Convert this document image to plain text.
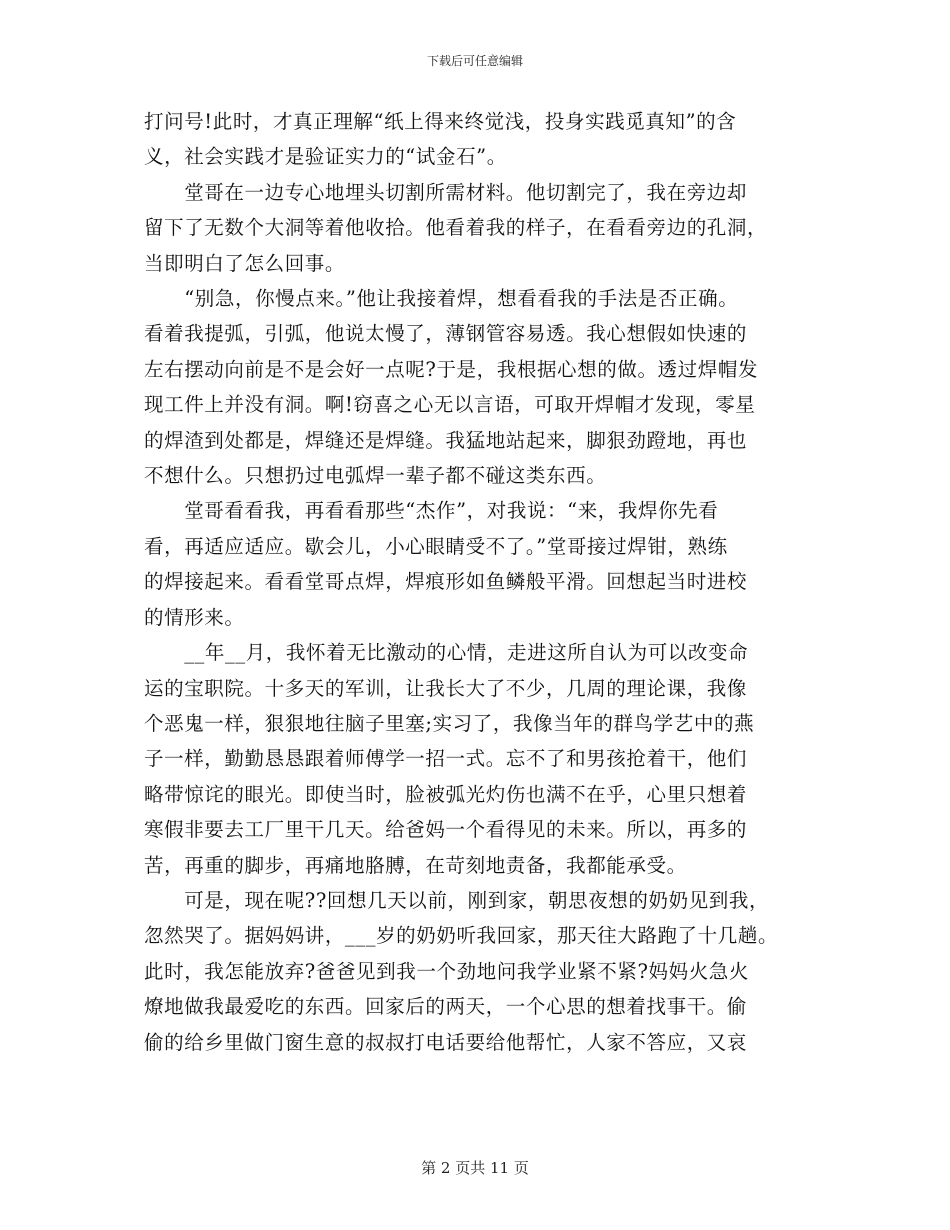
下载后可任意编辑

打问号!此时，才真正理解“纸上得来终觉浅，投身实践觅真知”的含

义，社会实践才是验证实力的“试金石”。

　　堂哥在一边专心地埋头切割所需材料。他切割完了，我在旁边却

留下了无数个大洞等着他收拾。他看着我的样子，在看看旁边的孔洞，

当即明白了怎么回事。

　　“别急，你慢点来。”他让我接着焊，想看看我的手法是否正确。

看着我提弧，引弧，他说太慢了，薄钢管容易透。我心想假如快速的

左右摆动向前是不是会好一点呢?于是，我根据心想的做。透过焊帽发

现工件上并没有洞。啊!窃喜之心无以言语，可取开焊帽才发现，零星

的焊渣到处都是，焊缝还是焊缝。我猛地站起来，脚狠劲蹬地，再也

不想什么。只想扔过电弧焊一辈子都不碰这类东西。

　　堂哥看看我，再看看那些“杰作”，对我说：“来，我焊你先看

看，再适应适应。歇会儿，小心眼睛受不了。”堂哥接过焊钳，熟练

的焊接起来。看看堂哥点焊，焊痕形如鱼鳞般平滑。回想起当时进校

的情形来。

　　__年__月，我怀着无比激动的心情，走进这所自认为可以改变命

运的宝职院。十多天的军训，让我长大了不少，几周的理论课，我像

个恶鬼一样，狠狠地往脑子里塞;实习了，我像当年的群鸟学艺中的燕

子一样，勤勤恳恳跟着师傅学一招一式。忘不了和男孩抢着干，他们

略带惊诧的眼光。即使当时，脸被弧光灼伤也满不在乎，心里只想着

寒假非要去工厂里干几天。给爸妈一个看得见的未来。所以，再多的

苦，再重的脚步，再痛地胳膊，在苛刻地责备，我都能承受。

　　可是，现在呢??回想几天以前，刚到家，朝思夜想的奶奶见到我，

忽然哭了。据妈妈讲，___岁的奶奶听我回家，那天往大路跑了十几趟。

此时，我怎能放弃?爸爸见到我一个劲地问我学业紧不紧?妈妈火急火

燎地做我最爱吃的东西。回家后的两天，一个心思的想着找事干。偷

偷的给乡里做门窗生意的叔叔打电话要给他帮忙，人家不答应，又哀

第 2 页共 11 页
